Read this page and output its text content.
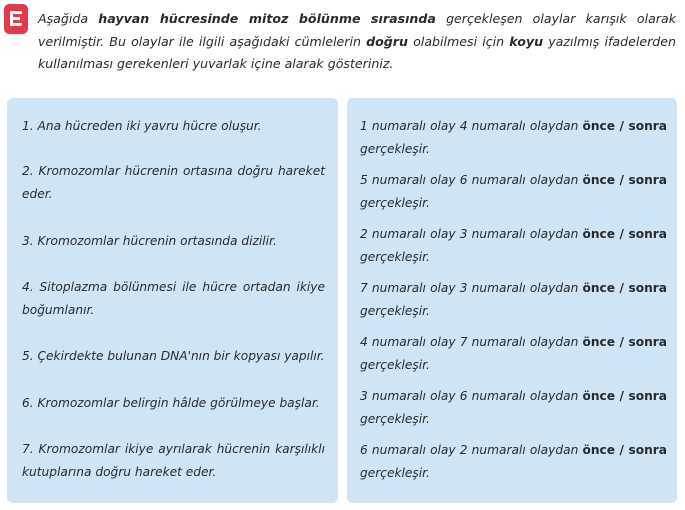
Aşağıda hayvan hücresinde mitoz bölünme sırasında gerçekleşen olaylar karışık olarak verilmiştir. Bu olaylar ile ilgili aşağıdaki cümlelerin doğru olabilmesi için koyu yazılmış ifadelerden kullanılması gerekenleri yuvarlak içine alarak gösteriniz.

1. Ana hücreden iki yavru hücre oluşur.

2. Kromozomlar hücrenin ortasına doğru hareket eder.

3. Kromozomlar hücrenin ortasında dizilir.

4. Sitoplazma bölünmesi ile hücre ortadan ikiye boğumlanır.

5. Çekirdekte bulunan DNA'nın bir kopyası yapılır.

6. Kromozomlar belirgin hâlde görülmeye başlar.

7. Kromozomlar ikiye ayrılarak hücrenin karşılıklı kutuplarına doğru hareket eder.

1 numaralı olay 4 numaralı olaydan önce / sonra gerçekleşir.

5 numaralı olay 6 numaralı olaydan önce / sonra gerçekleşir.

2 numaralı olay 3 numaralı olaydan önce / sonra gerçekleşir.

7 numaralı olay 3 numaralı olaydan önce / sonra gerçekleşir.

4 numaralı olay 7 numaralı olaydan önce / sonra gerçekleşir.

3 numaralı olay 6 numaralı olaydan önce / sonra gerçekleşir.

6 numaralı olay 2 numaralı olaydan önce / sonra gerçekleşir.
